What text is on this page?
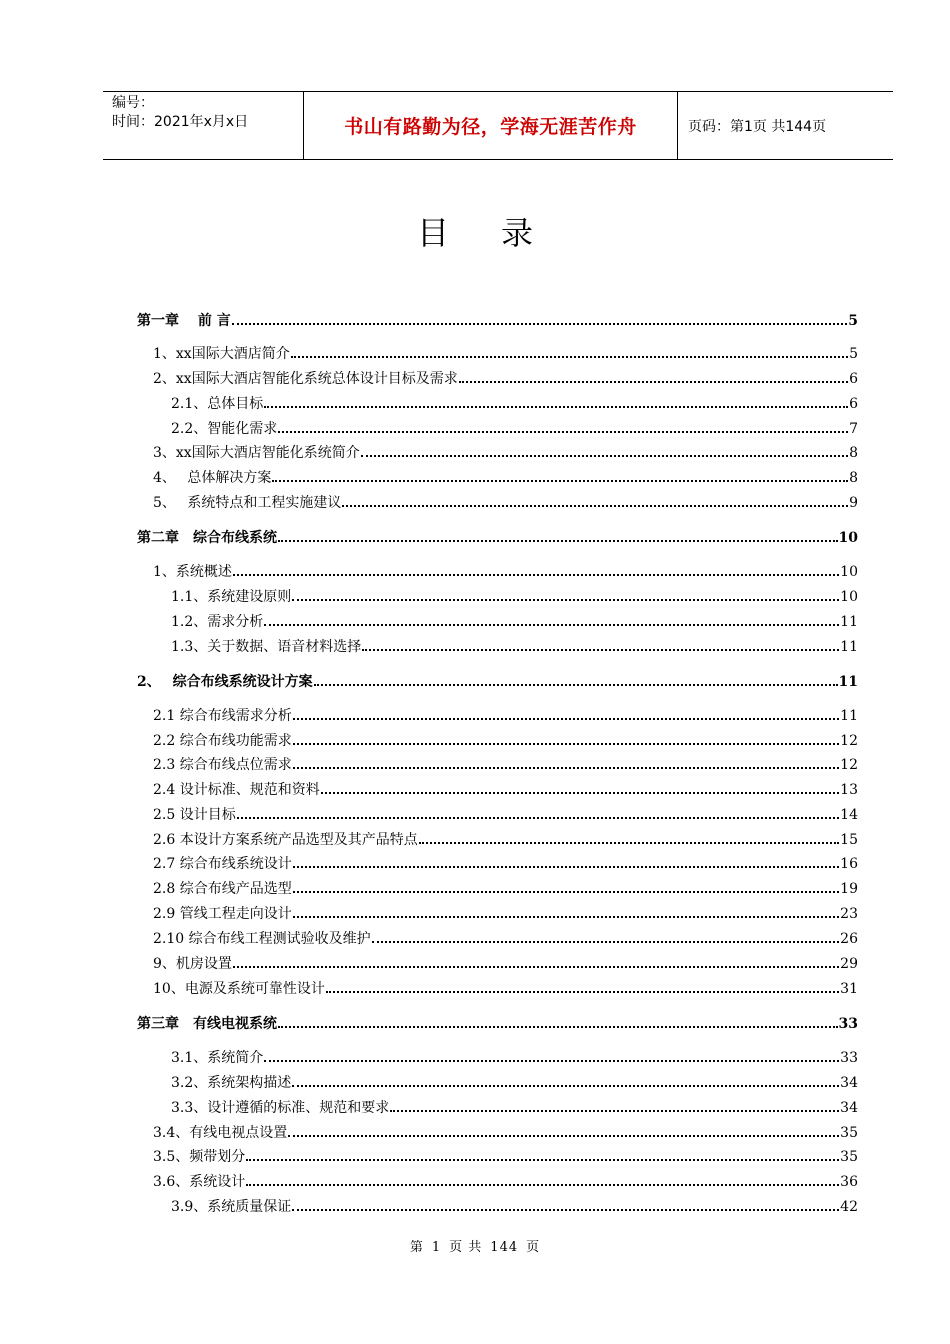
编号：
时间：2021年x月x日	书山有路勤为径，学海无涯苦作舟	页码：第1页 共144页
目录
第一章　 前 言	5
1、xx国际大酒店简介	5
2、xx国际大酒店智能化系统总体设计目标及需求	6
2.1、总体目标	6
2.2、智能化需求	7
3、xx国际大酒店智能化系统简介	8
4、　 总体解决方案	8
5、　 系统特点和工程实施建议	9
第二章　综合布线系统	10
1、系统概述	10
1.1、系统建设原则	10
1.2、需求分析	11
1.3、关于数据、语音材料选择	11
2、　 综合布线系统设计方案	11
2.1 综合布线需求分析	11
2.2 综合布线功能需求	12
2.3 综合布线点位需求	12
2.4 设计标准、规范和资料	13
2.5 设计目标	14
2.6 本设计方案系统产品选型及其产品特点	15
2.7 综合布线系统设计	16
2.8 综合布线产品选型	19
2.9 管线工程走向设计	23
2.10 综合布线工程测试验收及维护	26
9、机房设置	29
10、电源及系统可靠性设计	31
第三章　有线电视系统	33
3.1、系统简介	33
3.2、系统架构描述	34
3.3、设计遵循的标准、规范和要求	34
3.4、有线电视点设置	35
3.5、频带划分	35
3.6、系统设计	36
3.9、系统质量保证	42
第 1 页 共 144 页
